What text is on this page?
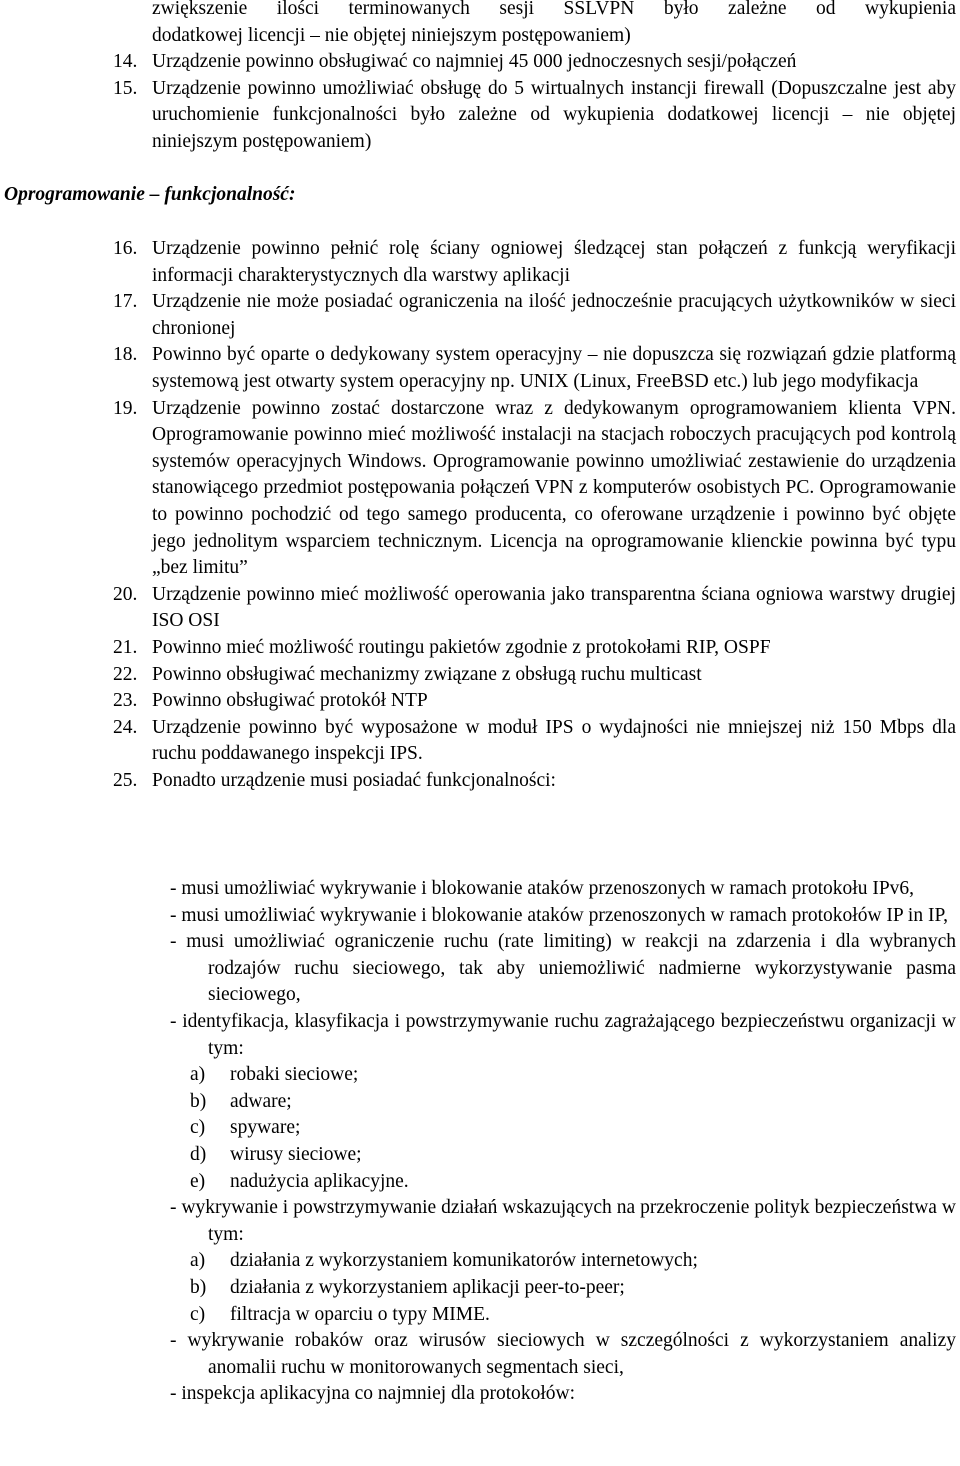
zwiększenie ilości terminowanych sesji SSLVPN było zależne od wykupienia
dodatkowej licencji – nie objętej niniejszym postępowaniem)
14. Urządzenie powinno obsługiwać co najmniej 45 000 jednoczesnych sesji/połączeń
15. Urządzenie powinno umożliwiać obsługę do 5 wirtualnych instancji firewall (Dopuszczalne jest aby uruchomienie funkcjonalności było zależne od wykupienia dodatkowej licencji – nie objętej niniejszym postępowaniem)
Oprogramowanie – funkcjonalność:
16. Urządzenie powinno pełnić rolę ściany ogniowej śledzącej stan połączeń z funkcją weryfikacji informacji charakterystycznych dla warstwy aplikacji
17. Urządzenie nie może posiadać ograniczenia na ilość jednocześnie pracujących użytkowników w sieci chronionej
18. Powinno być oparte o dedykowany system operacyjny – nie dopuszcza się rozwiązań gdzie platformą systemową jest otwarty system operacyjny np. UNIX (Linux, FreeBSD etc.) lub jego modyfikacja
19. Urządzenie powinno zostać dostarczone wraz z dedykowanym oprogramowaniem klienta VPN. Oprogramowanie powinno mieć możliwość instalacji na stacjach roboczych pracujących pod kontrolą systemów operacyjnych Windows. Oprogramowanie powinno umożliwiać zestawienie do urządzenia stanowiącego przedmiot postępowania połączeń VPN z komputerów osobistych PC. Oprogramowanie to powinno pochodzić od tego samego producenta, co oferowane urządzenie i powinno być objęte jego jednolitym wsparciem technicznym. Licencja na oprogramowanie klienckie powinna być typu „bez limitu”
20. Urządzenie powinno mieć możliwość operowania jako transparentna ściana ogniowa warstwy drugiej ISO OSI
21. Powinno mieć możliwość routingu pakietów zgodnie z protokołami RIP, OSPF
22. Powinno obsługiwać mechanizmy związane z obsługą ruchu multicast
23. Powinno obsługiwać protokół NTP
24. Urządzenie powinno być wyposażone w moduł IPS o wydajności nie mniejszej niż 150 Mbps dla ruchu poddawanego inspekcji IPS.
25. Ponadto urządzenie musi posiadać funkcjonalności:
- musi umożliwiać wykrywanie i blokowanie ataków przenoszonych w ramach protokołu IPv6,
- musi umożliwiać wykrywanie i blokowanie ataków przenoszonych w ramach protokołów IP in IP,
- musi umożliwiać ograniczenie ruchu (rate limiting) w reakcji na zdarzenia i dla wybranych rodzajów ruchu sieciowego, tak aby uniemożliwić nadmierne wykorzystywanie pasma sieciowego,
- identyfikacja, klasyfikacja i powstrzymywanie ruchu zagrażającego bezpieczeństwu organizacji w tym:
a) robaki sieciowe;
b) adware;
c) spyware;
d) wirusy sieciowe;
e) nadużycia aplikacyjne.
- wykrywanie i powstrzymywanie działań wskazujących na przekroczenie polityk bezpieczeństwa w tym:
a) działania z wykorzystaniem komunikatorów internetowych;
b) działania z wykorzystaniem aplikacji peer-to-peer;
c) filtracja w oparciu o typy MIME.
- wykrywanie robaków oraz wirusów sieciowych w szczególności z wykorzystaniem analizy anomalii ruchu w monitorowanych segmentach sieci,
- inspekcja aplikacyjna co najmniej dla protokołów:
